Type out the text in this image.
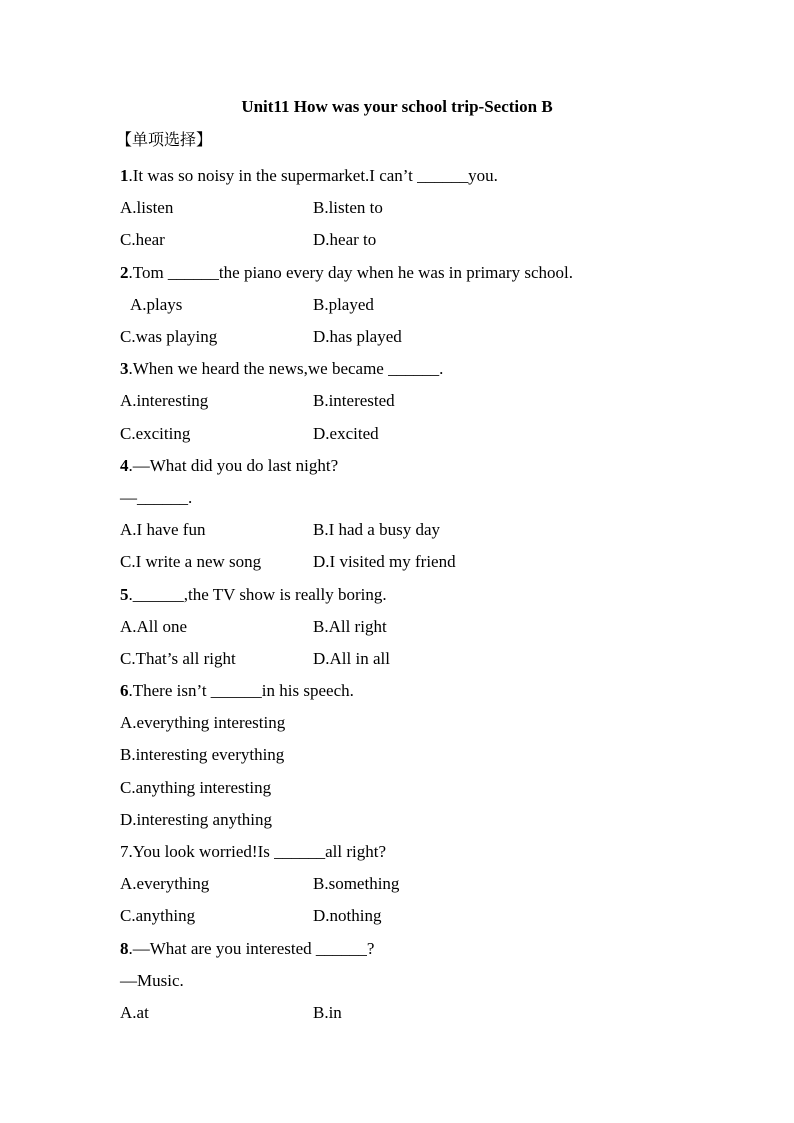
Unit11 How was your school trip-Section B
【单项选择】
1.It was so noisy in the supermarket.I can’t ______you.
A.listen	B.listen to
C.hear	D.hear to
2.Tom ______the piano every day when he was in primary school.
A.plays	B.played
C.was playing	D.has played
3.When we heard the news,we became ______.
A.interesting	B.interested
C.exciting	D.excited
4.—What did you do last night?
—______.
A.I have fun	B.I had a busy day
C.I write a new song	D.I visited my friend
5.______,the TV show is really boring.
A.All one	B.All right
C.That’s all right	D.All in all
6.There isn’t ______in his speech.
A.everything interesting
B.interesting everything
C.anything interesting
D.interesting anything
7.You look worried!Is ______all right?
A.everything	B.something
C.anything	D.nothing
8.—What are you interested ______?
—Music.
A.at	B.in
